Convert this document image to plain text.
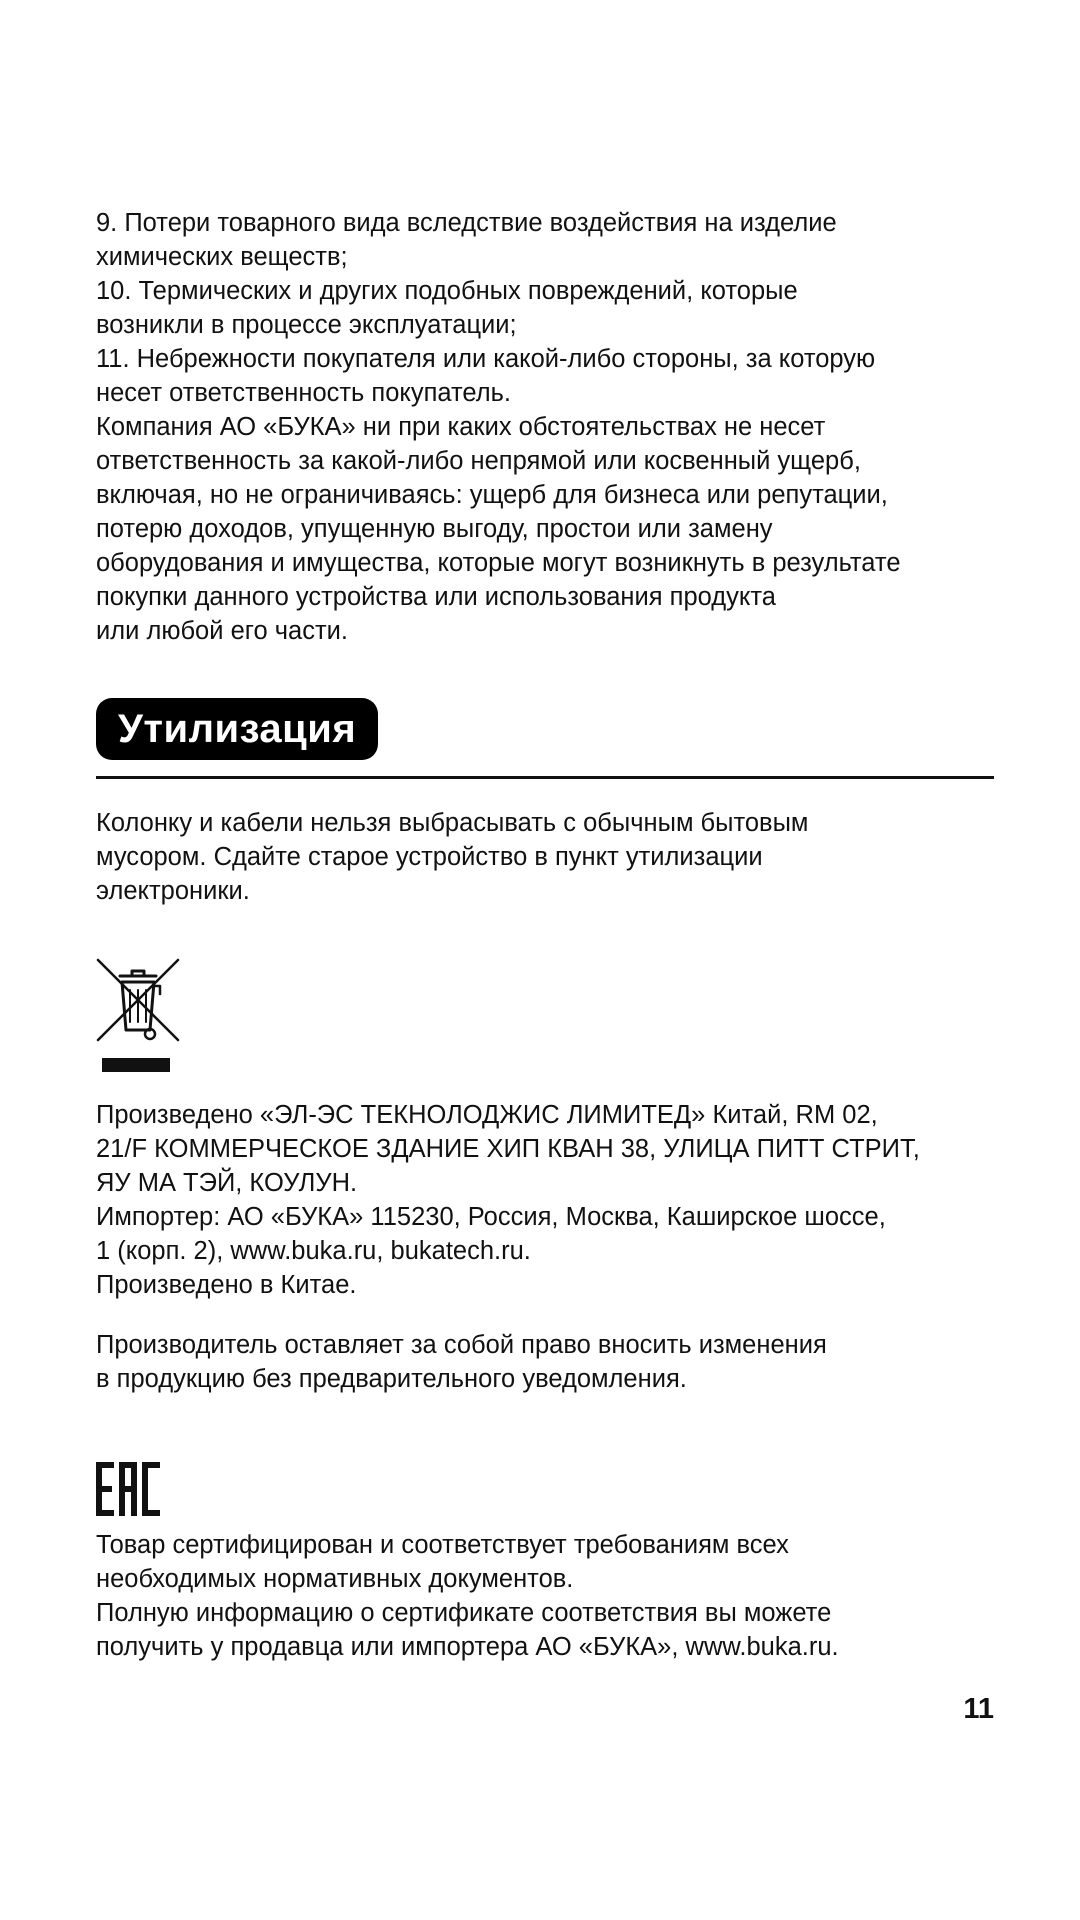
9. Потери товарного вида вследствие воздействия на изделие
химических веществ;
10. Термических и других подобных повреждений, которые
возникли в процессе эксплуатации;
11. Небрежности покупателя или какой-либо стороны, за которую
несет ответственность покупатель.
Компания АО «БУКА» ни при каких обстоятельствах не несет
ответственность за какой-либо непрямой или косвенный ущерб,
включая, но не ограничиваясь: ущерб для бизнеса или репутации,
потерю доходов, упущенную выгоду, простои или замену
оборудования и имущества, которые могут возникнуть в результате
покупки данного устройства или использования продукта
или любой его части.

Утилизация

Колонку и кабели нельзя выбрасывать с обычным бытовым
мусором. Сдайте старое устройство в пункт утилизации
электроники.

Произведено «ЭЛ-ЭС ТЕКНОЛОДЖИС ЛИМИТЕД» Китай, RM 02,
21/F КОММЕРЧЕСКОЕ ЗДАНИЕ ХИП КВАН 38, УЛИЦА ПИТТ СТРИТ,
ЯУ МА ТЭЙ, КОУЛУН.
Импортер: АО «БУКА» 115230, Россия, Москва, Каширское шоссе,
1 (корп. 2), www.buka.ru, bukatech.ru.
Произведено в Китае.

Производитель оставляет за собой право вносить изменения
в продукцию без предварительного уведомления.

Товар сертифицирован и соответствует требованиям всех
необходимых нормативных документов.
Полную информацию о сертификате соответствия вы можете
получить у продавца или импортера АО «БУКА», www.buka.ru.

11
